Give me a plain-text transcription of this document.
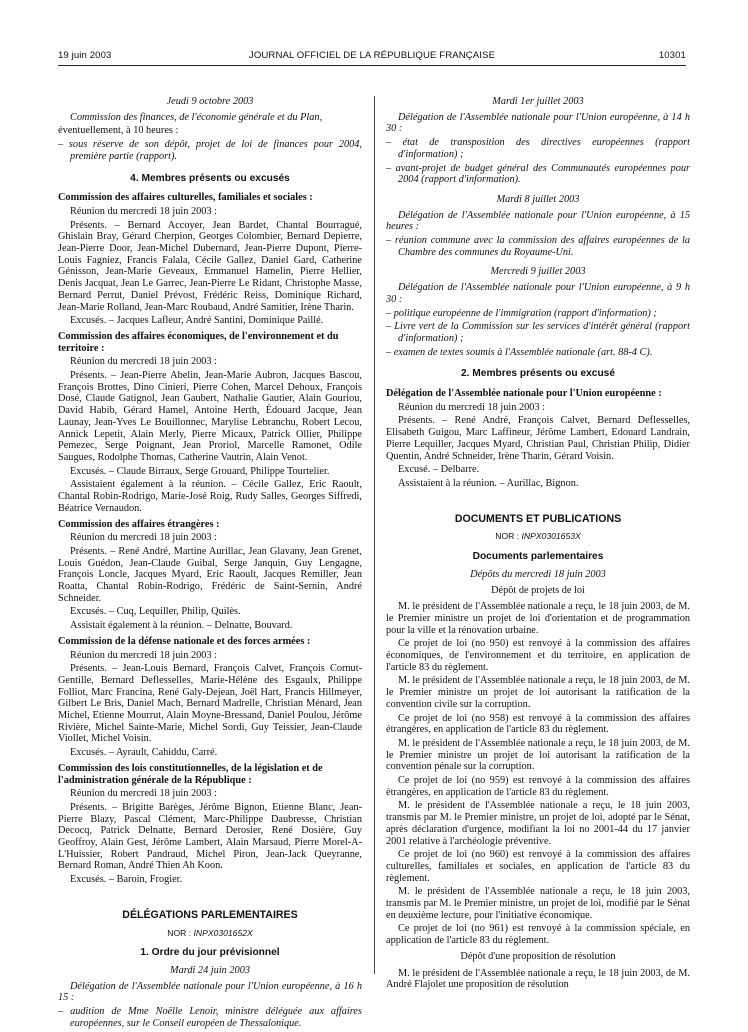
19 juin 2003	JOURNAL OFFICIEL DE LA RÉPUBLIQUE FRANÇAISE	10301

Jeudi 9 octobre 2003

Commission des finances, de l'économie générale et du Plan,

éventuellement, à 10 heures :

– sous réserve de son dépôt, projet de loi de finances pour 2004, première partie (rapport).

4. Membres présents ou excusés

Commission des affaires culturelles, familiales et sociales :

Réunion du mercredi 18 juin 2003 :

Présents. – Bernard Accoyer, Jean Bardet, Chantal Bourragué, Ghislain Bray, Gérard Cherpion, Georges Colombier, Bernard Depierre, Jean-Pierre Door, Jean-Michel Dubernard, Jean-Pierre Dupont, Pierre-Louis Fagniez, Francis Falala, Cécile Gallez, Daniel Gard, Catherine Génisson, Jean-Marie Geveaux, Emmanuel Hamelin, Pierre Hellier, Denis Jacquat, Jean Le Garrec, Jean-Pierre Le Ridant, Christophe Masse, Bernard Perrut, Daniel Prévost, Frédéric Reiss, Dominique Richard, Jean-Marie Rolland, Jean-Marc Roubaud, André Samitier, Irène Tharin.

Excusés. – Jacques Lafleur, André Santini, Dominique Paillé.

Commission des affaires économiques, de l'environnement et du territoire :

Réunion du mercredi 18 juin 2003 :

Présents. – Jean-Pierre Abelin, Jean-Marie Aubron, Jacques Bascou, François Brottes, Dino Cinieri, Pierre Cohen, Marcel Dehoux, François Dosé, Claude Gatignol, Jean Gaubert, Nathalie Gautier, Alain Gouriou, David Habib, Gérard Hamel, Antoine Herth, Édouard Jacque, Jean Launay, Jean-Yves Le Bouillonnec, Marylise Lebranchu, Robert Lecou, Annick Lepetit, Alain Merly, Pierre Micaux, Patrick Ollier, Philippe Pemezec, Serge Poignant, Jean Proriol, Marcelle Ramonet, Odile Saugues, Rodolphe Thomas, Catherine Vautrin, Alain Venot.

Excusés. – Claude Birraux, Serge Grouard, Philippe Tourtelier.

Assistaient également à la réunion. – Cécile Gallez, Eric Raoult, Chantal Robin-Rodrigo, Marie-José Roig, Rudy Salles, Georges Siffredi, Béatrice Vernaudon.

Commission des affaires étrangères :

Réunion du mercredi 18 juin 2003 :

Présents. – René André, Martine Aurillac, Jean Glavany, Jean Grenet, Louis Guédon, Jean-Claude Guibal, Serge Janquin, Guy Lengagne, François Loncle, Jacques Myard, Eric Raoult, Jacques Remiller, Jean Roatta, Chantal Robin-Rodrigo, Frédéric de Saint-Sernin, André Schneider.

Excusés. – Cuq, Lequiller, Philip, Quilès.

Assistait également à la réunion. – Delnatte, Bouvard.

Commission de la défense nationale et des forces armées :

Réunion du mercredi 18 juin 2003 :

Présents. – Jean-Louis Bernard, François Calvet, François Cornut-Gentille, Bernard Deflesselles, Marie-Hélène des Esgaulx, Philippe Folliot, Marc Francina, René Galy-Dejean, Joël Hart, Francis Hillmeyer, Gilbert Le Bris, Daniel Mach, Bernard Madrelle, Christian Ménard, Jean Michel, Etienne Mourrut, Alain Moyne-Bressand, Daniel Poulou, Jérôme Rivière, Michel Sainte-Marie, Michel Sordi, Guy Teissier, Jean-Claude Viollet, Michel Voisin.

Excusés. – Ayrault, Cahiddu, Carré.

Commission des lois constitutionnelles, de la législation et de l'administration générale de la République :

Réunion du mercredi 18 juin 2003 :

Présents. – Brigitte Barèges, Jérôme Bignon, Etienne Blanc, Jean-Pierre Blazy, Pascal Clément, Marc-Philippe Daubresse, Christian Decocq, Patrick Delnatte, Bernard Derosier, René Dosière, Guy Geoffroy, Alain Gest, Jérôme Lambert, Alain Marsaud, Pierre Morel-A-L'Huissier, Robert Pandraud, Michel Piron, Jean-Jack Queyranne, Bernard Roman, André Thien Ah Koon.

Excusés. – Baroin, Frogier.

DÉLÉGATIONS PARLEMENTAIRES

NOR : INPX0301652X

1. Ordre du jour prévisionnel

Mardi 24 juin 2003

Délégation de l'Assemblée nationale pour l'Union européenne, à 16 h 15 :

– audition de Mme Noëlle Lenoir, ministre déléguée aux affaires européennes, sur le Conseil européen de Thessalonique.

Mardi 1er juillet 2003

Délégation de l'Assemblée nationale pour l'Union européenne, à 14 h 30 :

– état de transposition des directives européennes (rapport d'information) ;

– avant-projet de budget général des Communautés européennes pour 2004 (rapport d'information).

Mardi 8 juillet 2003

Délégation de l'Assemblée nationale pour l'Union européenne, à 15 heures :

– réunion commune avec la commission des affaires européennes de la Chambre des communes du Royaume-Uni.

Mercredi 9 juillet 2003

Délégation de l'Assemblée nationale pour l'Union européenne, à 9 h 30 :

– politique européenne de l'immigration (rapport d'information) ;

– Livre vert de la Commission sur les services d'intérêt général (rapport d'information) ;

– examen de textes soumis à l'Assemblée nationale (art. 88-4 C).

2. Membres présents ou excusé

Délégation de l'Assemblée nationale pour l'Union européenne :

Réunion du mercredi 18 juin 2003 :

Présents. – René André, François Calvet, Bernard Deflesselles, Elisabeth Guigou, Marc Laffineur, Jérôme Lambert, Edouard Landrain, Pierre Lequiller, Jacques Myard, Christian Paul, Christian Philip, Didier Quentin, André Schneider, Irène Tharin, Gérard Voisin.

Excusé. – Delbarre.

Assistaient à la réunion. – Aurillac, Bignon.

DOCUMENTS ET PUBLICATIONS

NOR : INPX0301653X

Documents parlementaires

Dépôts du mercredi 18 juin 2003

Dépôt de projets de loi

M. le président de l'Assemblée nationale a reçu, le 18 juin 2003, de M. le Premier ministre un projet de loi d'orientation et de programmation pour la ville et la rénovation urbaine.

Ce projet de loi (no 950) est renvoyé à la commission des affaires économiques, de l'environnement et du territoire, en application de l'article 83 du règlement.

M. le président de l'Assemblée nationale a reçu, le 18 juin 2003, de M. le Premier ministre un projet de loi autorisant la ratification de la convention civile sur la corruption.

Ce projet de loi (no 958) est renvoyé à la commission des affaires étrangères, en application de l'article 83 du règlement.

M. le président de l'Assemblée nationale a reçu, le 18 juin 2003, de M. le Premier ministre un projet de loi autorisant la ratification de la convention pénale sur la corruption.

Ce projet de loi (no 959) est renvoyé à la commission des affaires étrangères, en application de l'article 83 du règlement.

M. le président de l'Assemblée nationale a reçu, le 18 juin 2003, transmis par M. le Premier ministre, un projet de loi, adopté par le Sénat, après déclaration d'urgence, modifiant la loi no 2001-44 du 17 janvier 2001 relative à l'archéologie préventive.

Ce projet de loi (no 960) est renvoyé à la commission des affaires culturelles, familiales et sociales, en application de l'article 83 du règlement.

M. le président de l'Assemblée nationale a reçu, le 18 juin 2003, transmis par M. le Premier ministre, un projet de loi, modifié par le Sénat en deuxième lecture, pour l'initiative économique.

Ce projet de loi (no 961) est renvoyé à la commission spéciale, en application de l'article 83 du règlement.

Dépôt d'une proposition de résolution

M. le président de l'Assemblée nationale a reçu, le 18 juin 2003, de M. André Flajolet une proposition de résolution
